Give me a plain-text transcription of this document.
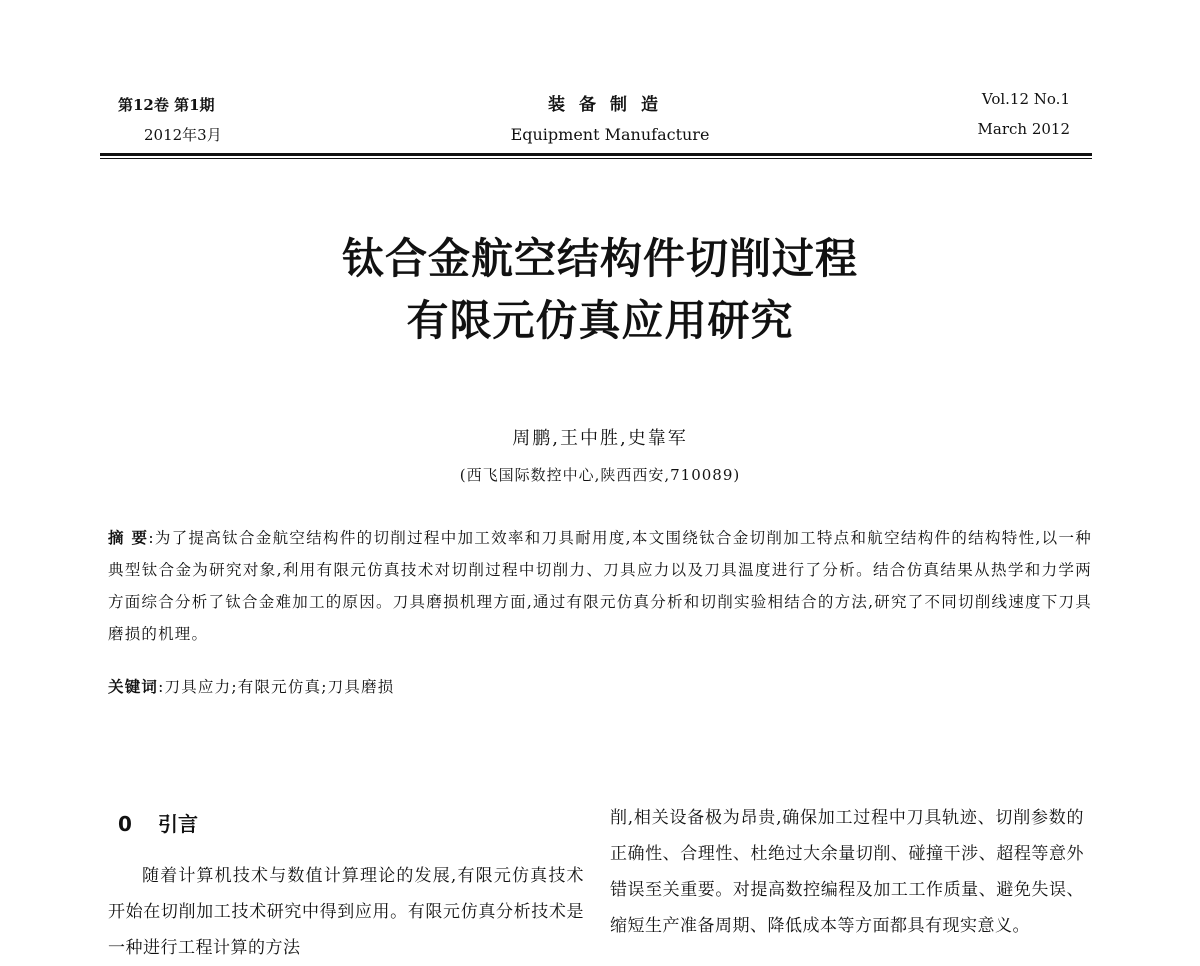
第12卷 第1期
2012年3月
装备制造
Equipment Manufacture
Vol.12 No.1
March 2012
钛合金航空结构件切削过程
有限元仿真应用研究
周鹏,王中胜,史靠军
(西飞国际数控中心,陕西西安,710089)
摘 要:为了提高钛合金航空结构件的切削过程中加工效率和刀具耐用度,本文围绕钛合金切削加工特点和航空结构件的结构特性,以一种典型钛合金为研究对象,利用有限元仿真技术对切削过程中切削力、刀具应力以及刀具温度进行了分析。结合仿真结果从热学和力学两方面综合分析了钛合金难加工的原因。刀具磨损机理方面,通过有限元仿真分析和切削实验相结合的方法,研究了不同切削线速度下刀具磨损的机理。
关键词:刀具应力;有限元仿真;刀具磨损
0 引言

随着计算机技术与数值计算理论的发展,有限元仿真技术开始在切削加工技术研究中得到应用。有限元仿真分析技术是一种进行工程计算的方法

削,相关设备极为昂贵,确保加工过程中刀具轨迹、切削参数的正确性、合理性、杜绝过大余量切削、碰撞干涉、超程等意外错误至关重要。对提高数控编程及加工工作质量、避免失误、缩短生产准备周期、降低成本等方面都具有现实意义。
